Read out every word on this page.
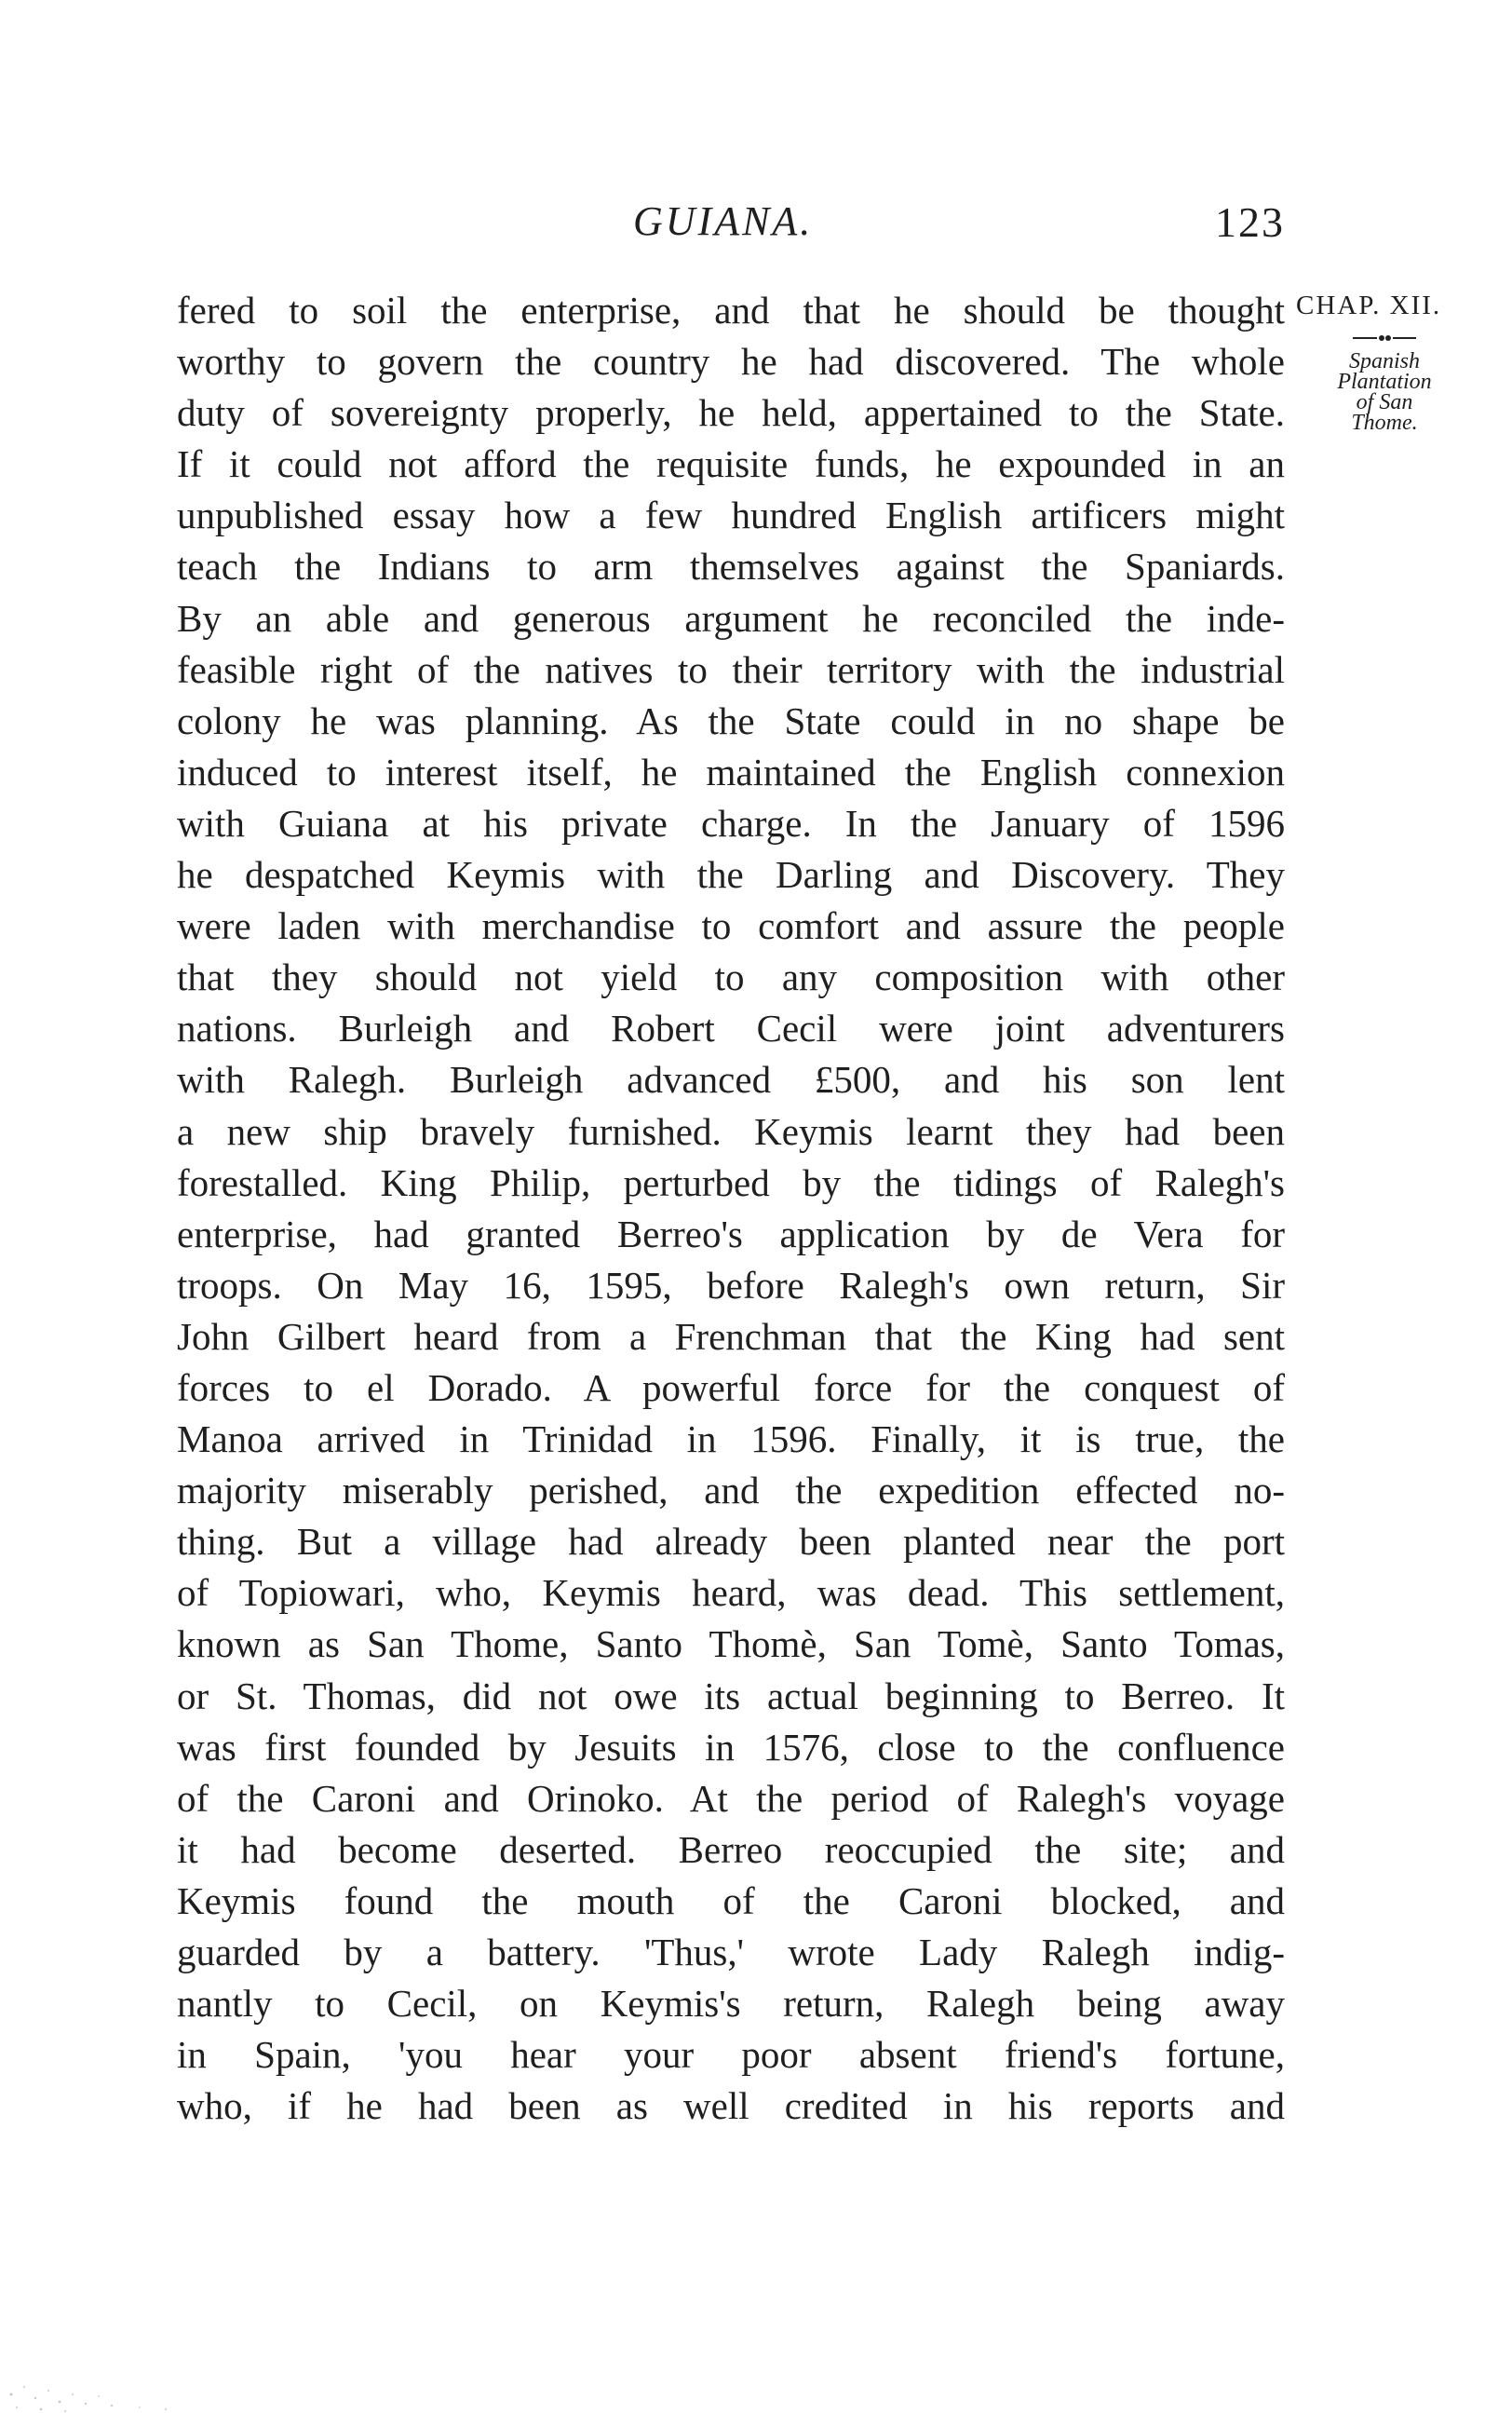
GUIANA.	123
CHAP. XII.
Spanish
Plantation
of San
Thome.
fered to soil the enterprise, and that he should be thought
worthy to govern the country he had discovered. The whole
duty of sovereignty properly, he held, appertained to the State.
If it could not afford the requisite funds, he expounded in an
unpublished essay how a few hundred English artificers might
teach the Indians to arm themselves against the Spaniards.
By an able and generous argument he reconciled the inde-
feasible right of the natives to their territory with the industrial
colony he was planning. As the State could in no shape be
induced to interest itself, he maintained the English connexion
with Guiana at his private charge. In the January of 1596
he despatched Keymis with the Darling and Discovery. They
were laden with merchandise to comfort and assure the people
that they should not yield to any composition with other
nations. Burleigh and Robert Cecil were joint adventurers
with Ralegh. Burleigh advanced £500, and his son lent
a new ship bravely furnished. Keymis learnt they had been
forestalled. King Philip, perturbed by the tidings of Ralegh's
enterprise, had granted Berreo's application by de Vera for
troops. On May 16, 1595, before Ralegh's own return, Sir
John Gilbert heard from a Frenchman that the King had sent
forces to el Dorado. A powerful force for the conquest of
Manoa arrived in Trinidad in 1596. Finally, it is true, the
majority miserably perished, and the expedition effected no-
thing. But a village had already been planted near the port
of Topiowari, who, Keymis heard, was dead. This settlement,
known as San Thome, Santo Thomè, San Tomè, Santo Tomas,
or St. Thomas, did not owe its actual beginning to Berreo. It
was first founded by Jesuits in 1576, close to the confluence
of the Caroni and Orinoko. At the period of Ralegh's voyage
it had become deserted. Berreo reoccupied the site; and
Keymis found the mouth of the Caroni blocked, and
guarded by a battery. 'Thus,' wrote Lady Ralegh indig-
nantly to Cecil, on Keymis's return, Ralegh being away
in Spain, 'you hear your poor absent friend's fortune,
who, if he had been as well credited in his reports and
